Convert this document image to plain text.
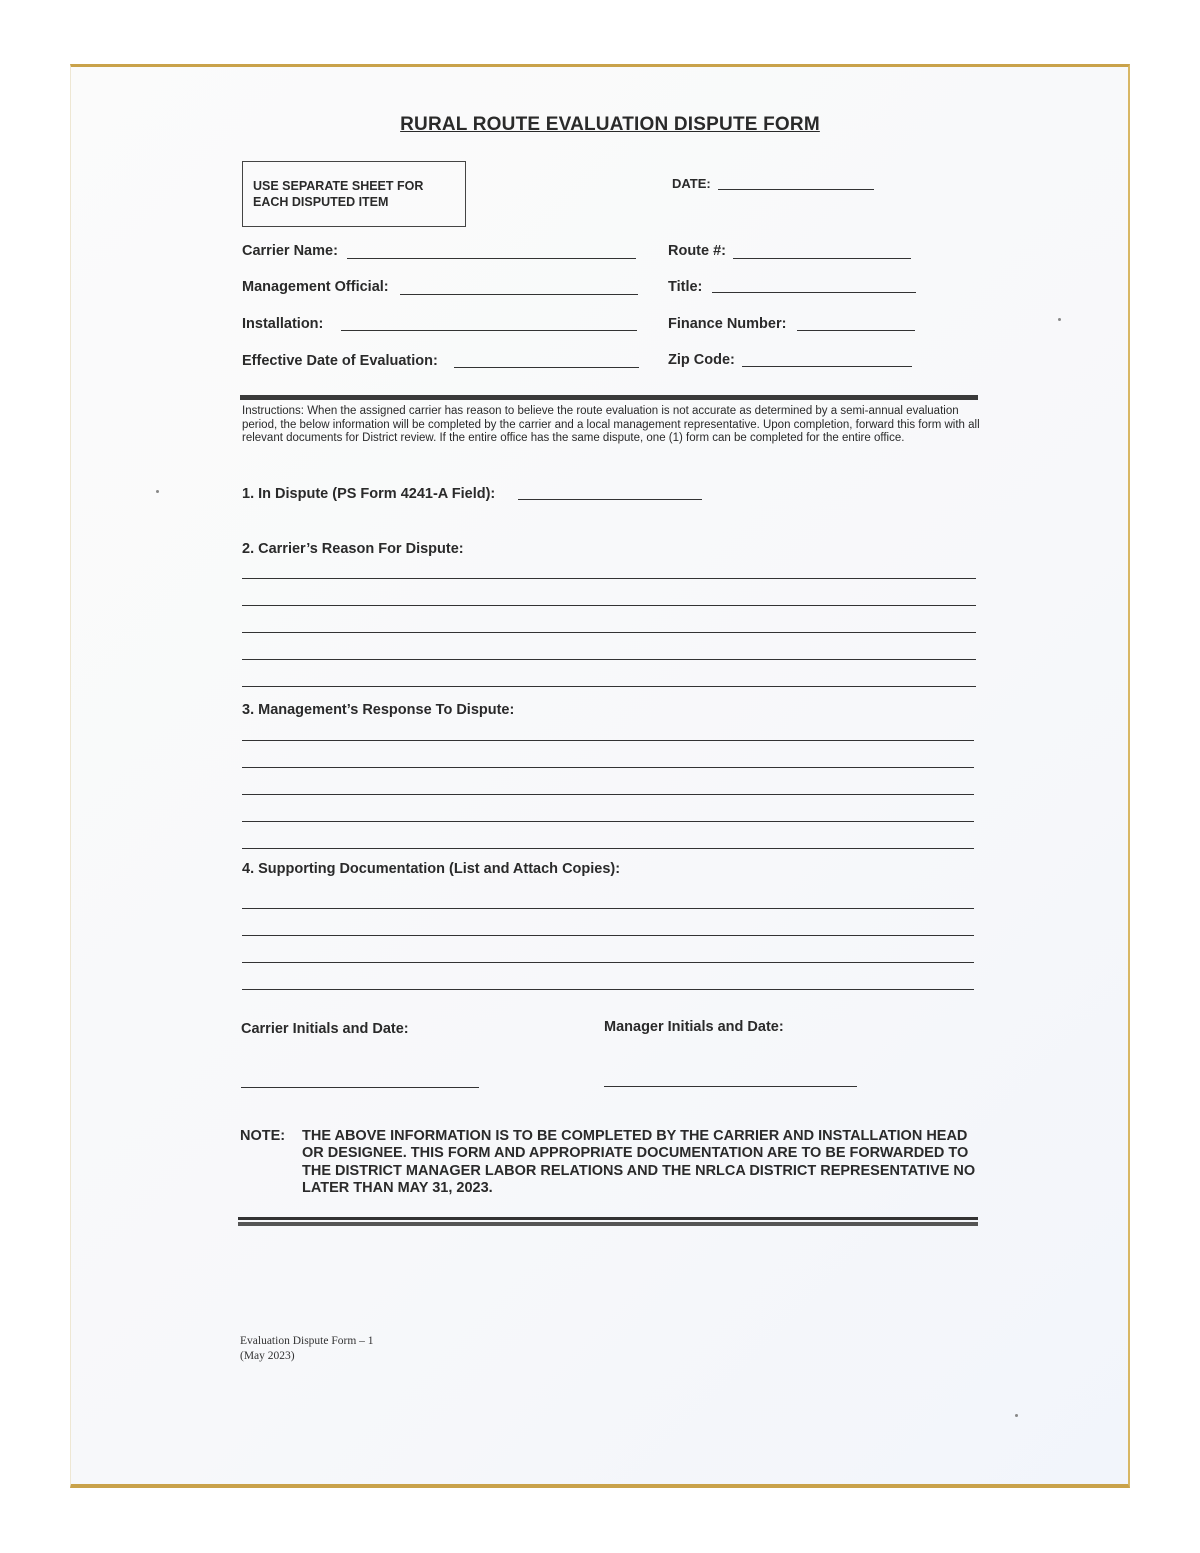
RURAL ROUTE EVALUATION DISPUTE FORM
USE SEPARATE SHEET FOR
EACH DISPUTED ITEM
DATE:
Carrier Name:
Management Official:
Installation:
Effective Date of Evaluation:
Route #:
Title:
Finance Number:
Zip Code:
Instructions: When the assigned carrier has reason to believe the route evaluation is not accurate as determined by a semi-annual evaluation period, the below information will be completed by the carrier and a local management representative. Upon completion, forward this form with all relevant documents for District review. If the entire office has the same dispute, one (1) form can be completed for the entire office.
1. In Dispute (PS Form 4241-A Field):
2. Carrier’s Reason For Dispute:
3. Management’s Response To Dispute:
4. Supporting Documentation (List and Attach Copies):
Carrier Initials and Date:	Manager Initials and Date:
NOTE: THE ABOVE INFORMATION IS TO BE COMPLETED BY THE CARRIER AND INSTALLATION HEAD OR DESIGNEE. THIS FORM AND APPROPRIATE DOCUMENTATION ARE TO BE FORWARDED TO THE DISTRICT MANAGER LABOR RELATIONS AND THE NRLCA DISTRICT REPRESENTATIVE NO LATER THAN MAY 31, 2023.
Evaluation Dispute Form – 1
(May 2023)
